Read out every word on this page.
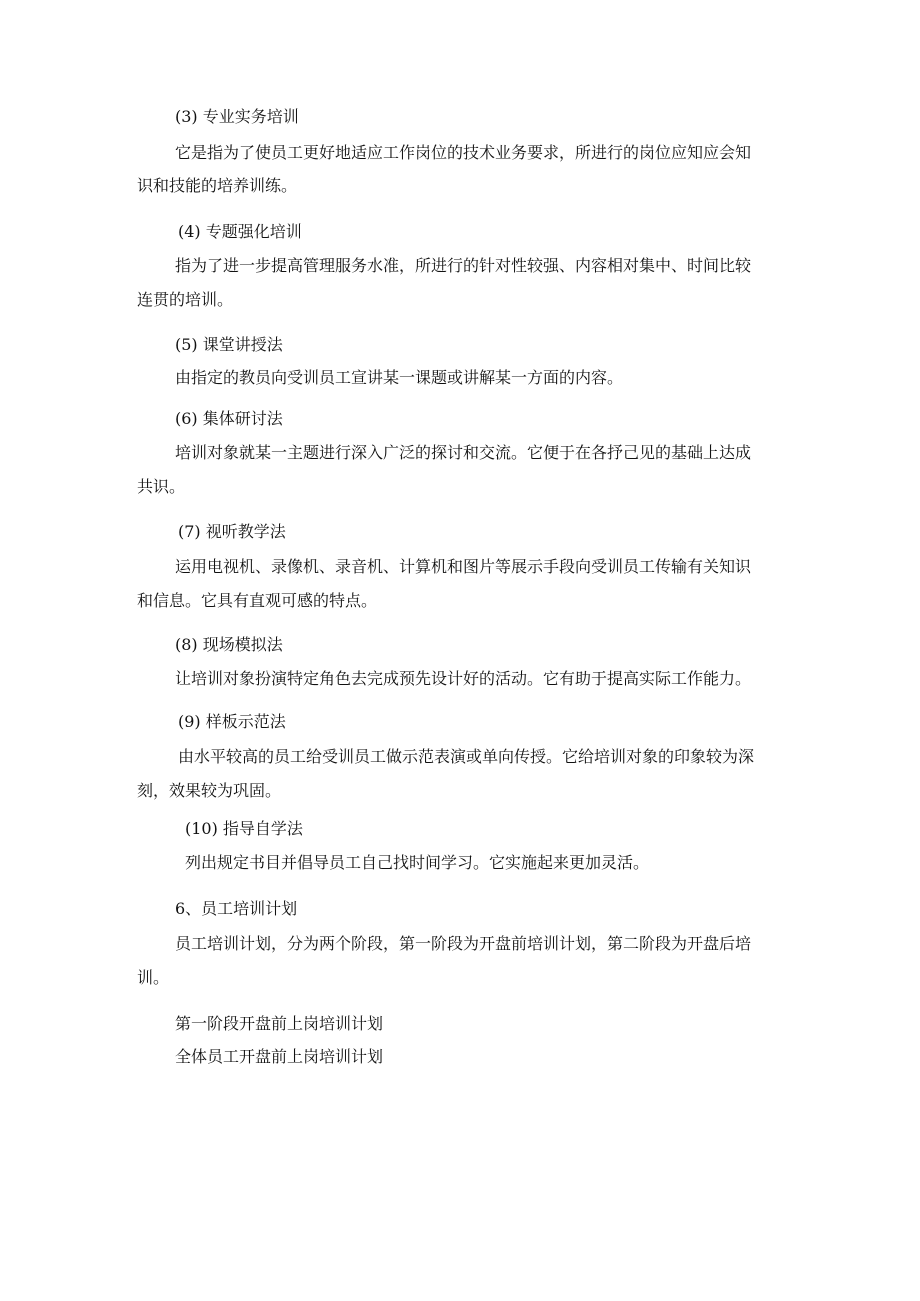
(3) 专业实务培训
它是指为了使员工更好地适应工作岗位的技术业务要求，所进行的岗位应知应会知
识和技能的培养训练。
(4) 专题强化培训
指为了进一步提高管理服务水准，所进行的针对性较强、内容相对集中、时间比较
连贯的培训。
(5) 课堂讲授法
由指定的教员向受训员工宣讲某一课题或讲解某一方面的内容。
(6) 集体研讨法
培训对象就某一主题进行深入广泛的探讨和交流。它便于在各抒己见的基础上达成
共识。
(7) 视听教学法
运用电视机、录像机、录音机、计算机和图片等展示手段向受训员工传输有关知识
和信息。它具有直观可感的特点。
(8) 现场模拟法
让培训对象扮演特定角色去完成预先设计好的活动。它有助于提高实际工作能力。
(9) 样板示范法
由水平较高的员工给受训员工做示范表演或单向传授。它给培训对象的印象较为深
刻，效果较为巩固。
(10) 指导自学法
列出规定书目并倡导员工自己找时间学习。它实施起来更加灵活。
6、员工培训计划
员工培训计划，分为两个阶段，第一阶段为开盘前培训计划，第二阶段为开盘后培
训。
第一阶段开盘前上岗培训计划
全体员工开盘前上岗培训计划
